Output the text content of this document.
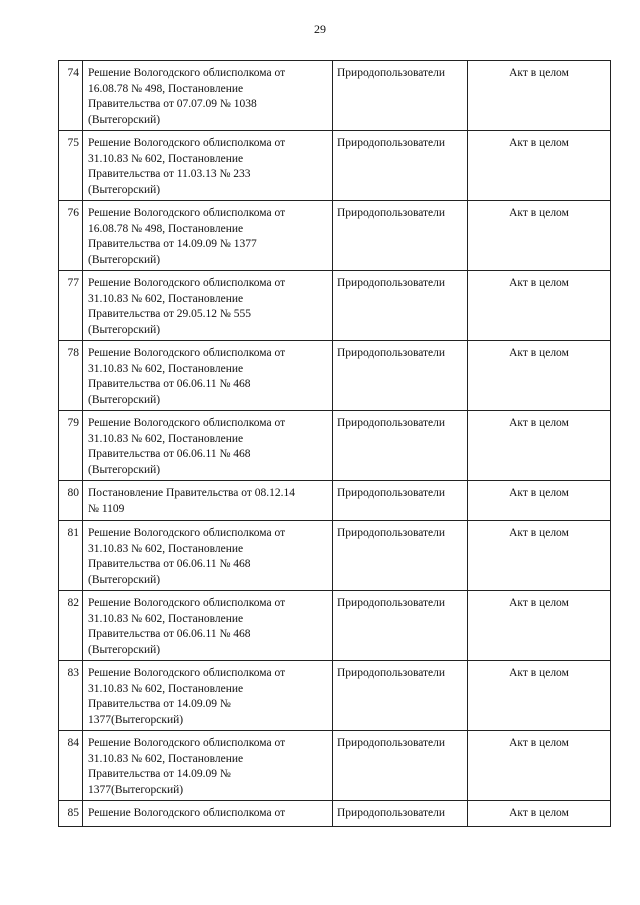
29
74	Решение Вологодского облисполкома от
16.08.78 № 498, Постановление
Правительства от 07.07.09 № 1038
(Вытегорский)	Природопользователи	Акт в целом
75	Решение Вологодского облисполкома от
31.10.83 № 602, Постановление
Правительства от 11.03.13 № 233
(Вытегорский)	Природопользователи	Акт в целом
76	Решение Вологодского облисполкома от
16.08.78 № 498, Постановление
Правительства от 14.09.09 № 1377
(Вытегорский)	Природопользователи	Акт в целом
77	Решение Вологодского облисполкома от
31.10.83 № 602, Постановление
Правительства от 29.05.12 № 555
(Вытегорский)	Природопользователи	Акт в целом
78	Решение Вологодского облисполкома от
31.10.83 № 602, Постановление
Правительства от 06.06.11 № 468
(Вытегорский)	Природопользователи	Акт в целом
79	Решение Вологодского облисполкома от
31.10.83 № 602, Постановление
Правительства от 06.06.11 № 468
(Вытегорский)	Природопользователи	Акт в целом
80	Постановление Правительства от 08.12.14
№ 1109	Природопользователи	Акт в целом
81	Решение Вологодского облисполкома от
31.10.83 № 602, Постановление
Правительства от 06.06.11 № 468
(Вытегорский)	Природопользователи	Акт в целом
82	Решение Вологодского облисполкома от
31.10.83 № 602, Постановление
Правительства от 06.06.11 № 468
(Вытегорский)	Природопользователи	Акт в целом
83	Решение Вологодского облисполкома от
31.10.83 № 602, Постановление
Правительства от 14.09.09 №
1377(Вытегорский)	Природопользователи	Акт в целом
84	Решение Вологодского облисполкома от
31.10.83 № 602, Постановление
Правительства от 14.09.09 №
1377(Вытегорский)	Природопользователи	Акт в целом
85	Решение Вологодского облисполкома от	Природопользователи	Акт в целом
